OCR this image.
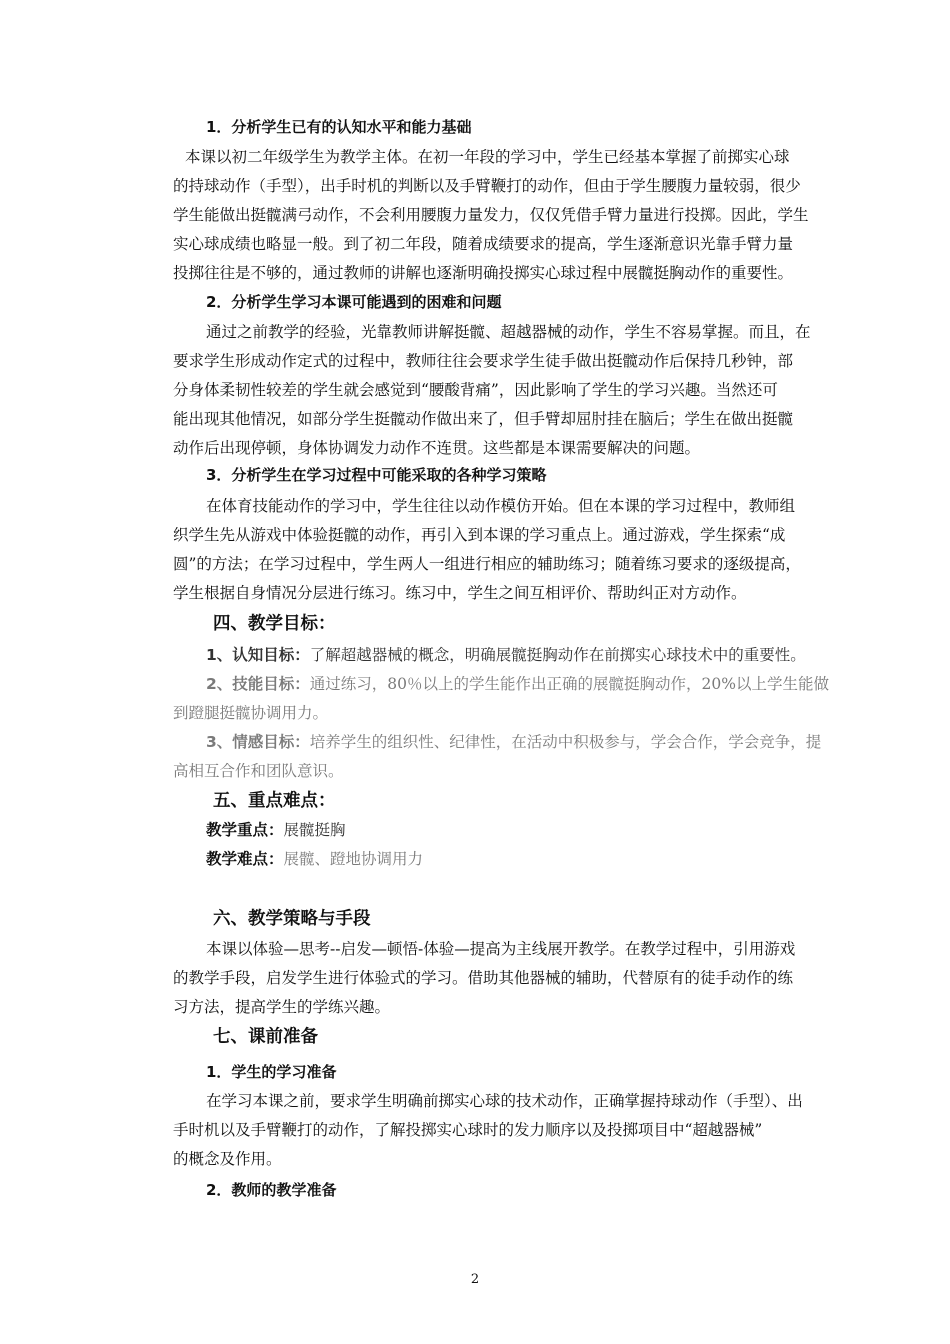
1．分析学生已有的认知水平和能力基础
本课以初二年级学生为教学主体。在初一年段的学习中，学生已经基本掌握了前掷实心球
的持球动作（手型），出手时机的判断以及手臂鞭打的动作，但由于学生腰腹力量较弱，很少
学生能做出挺髋满弓动作，不会利用腰腹力量发力，仅仅凭借手臂力量进行投掷。因此，学生
实心球成绩也略显一般。到了初二年段，随着成绩要求的提高，学生逐渐意识光靠手臂力量
投掷往往是不够的，通过教师的讲解也逐渐明确投掷实心球过程中展髋挺胸动作的重要性。
2．分析学生学习本课可能遇到的困难和问题
通过之前教学的经验，光靠教师讲解挺髋、超越器械的动作，学生不容易掌握。而且，在
要求学生形成动作定式的过程中，教师往往会要求学生徒手做出挺髋动作后保持几秒钟，部
分身体柔韧性较差的学生就会感觉到“腰酸背痛”，因此影响了学生的学习兴趣。当然还可
能出现其他情况，如部分学生挺髋动作做出来了，但手臂却屈肘挂在脑后；学生在做出挺髋
动作后出现停顿，身体协调发力动作不连贯。这些都是本课需要解决的问题。
3．分析学生在学习过程中可能采取的各种学习策略
在体育技能动作的学习中，学生往往以动作模仿开始。但在本课的学习过程中，教师组
织学生先从游戏中体验挺髋的动作，再引入到本课的学习重点上。通过游戏，学生探索“成
圆”的方法；在学习过程中，学生两人一组进行相应的辅助练习；随着练习要求的逐级提高，
学生根据自身情况分层进行练习。练习中，学生之间互相评价、帮助纠正对方动作。
四、教学目标：
1、认知目标：了解超越器械的概念，明确展髋挺胸动作在前掷实心球技术中的重要性。
2、技能目标：通过练习，80％以上的学生能作出正确的展髋挺胸动作，20%以上学生能做
到蹬腿挺髋协调用力。
3、情感目标：培养学生的组织性、纪律性，在活动中积极参与，学会合作，学会竞争，提
高相互合作和团队意识。
五、重点难点：
教学重点：展髋挺胸
教学难点：展髋、蹬地协调用力
六、教学策略与手段
本课以体验—思考--启发—顿悟-体验—提高为主线展开教学。在教学过程中，引用游戏
的教学手段，启发学生进行体验式的学习。借助其他器械的辅助，代替原有的徒手动作的练
习方法，提高学生的学练兴趣。
七、课前准备
1．学生的学习准备
在学习本课之前，要求学生明确前掷实心球的技术动作，正确掌握持球动作（手型）、出
手时机以及手臂鞭打的动作，了解投掷实心球时的发力顺序以及投掷项目中“超越器械”
的概念及作用。
2．教师的教学准备
2
